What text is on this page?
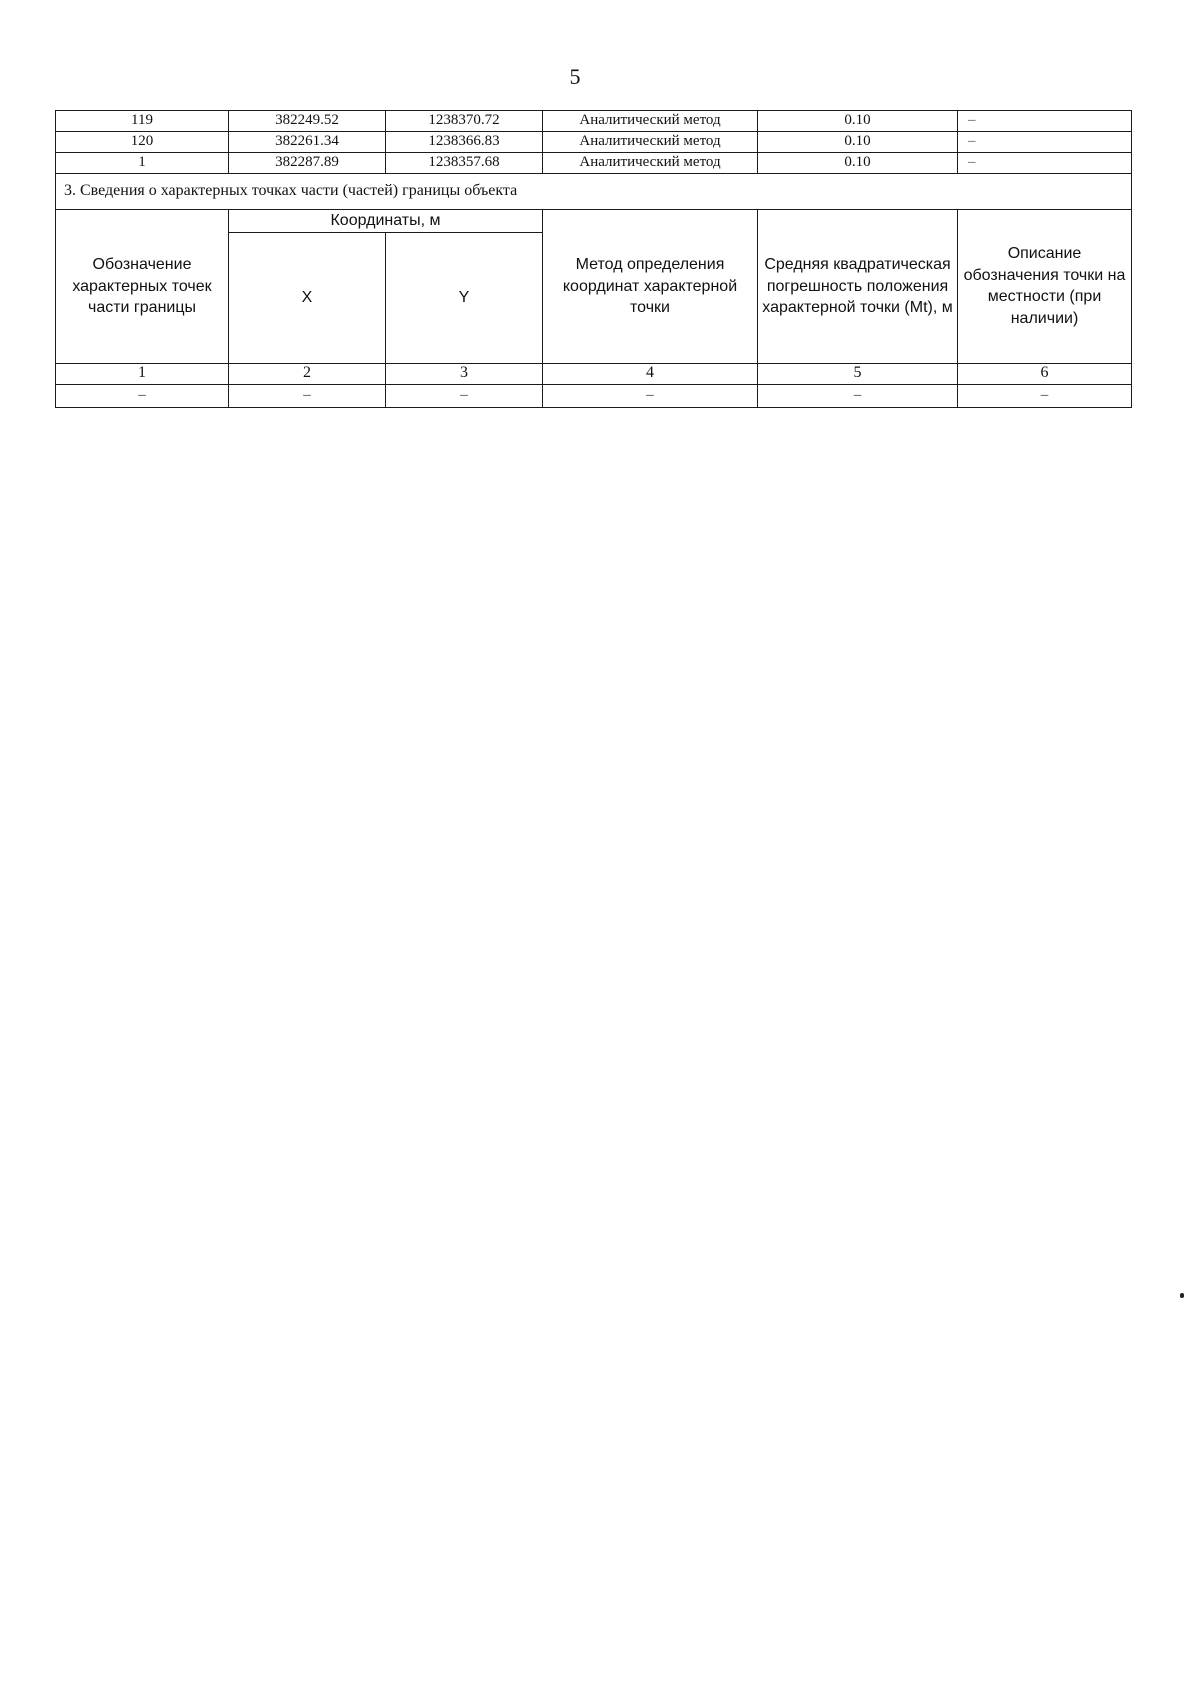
5
119	382249.52	1238370.72	Аналитический метод	0.10	–
120	382261.34	1238366.83	Аналитический метод	0.10	–
1	382287.89	1238357.68	Аналитический метод	0.10	–
3. Сведения о характерных точках части (частей) границы объекта					
Обозначение характерных точек части границы	Координаты, м		Метод определения координат характерной точки	Средняя квадратическая погрешность положения характерной точки (Mt), м	Описание обозначения точки на местности (при наличии)
	X	Y			
1	2	3	4	5	6
–	–	–	–	–	–
